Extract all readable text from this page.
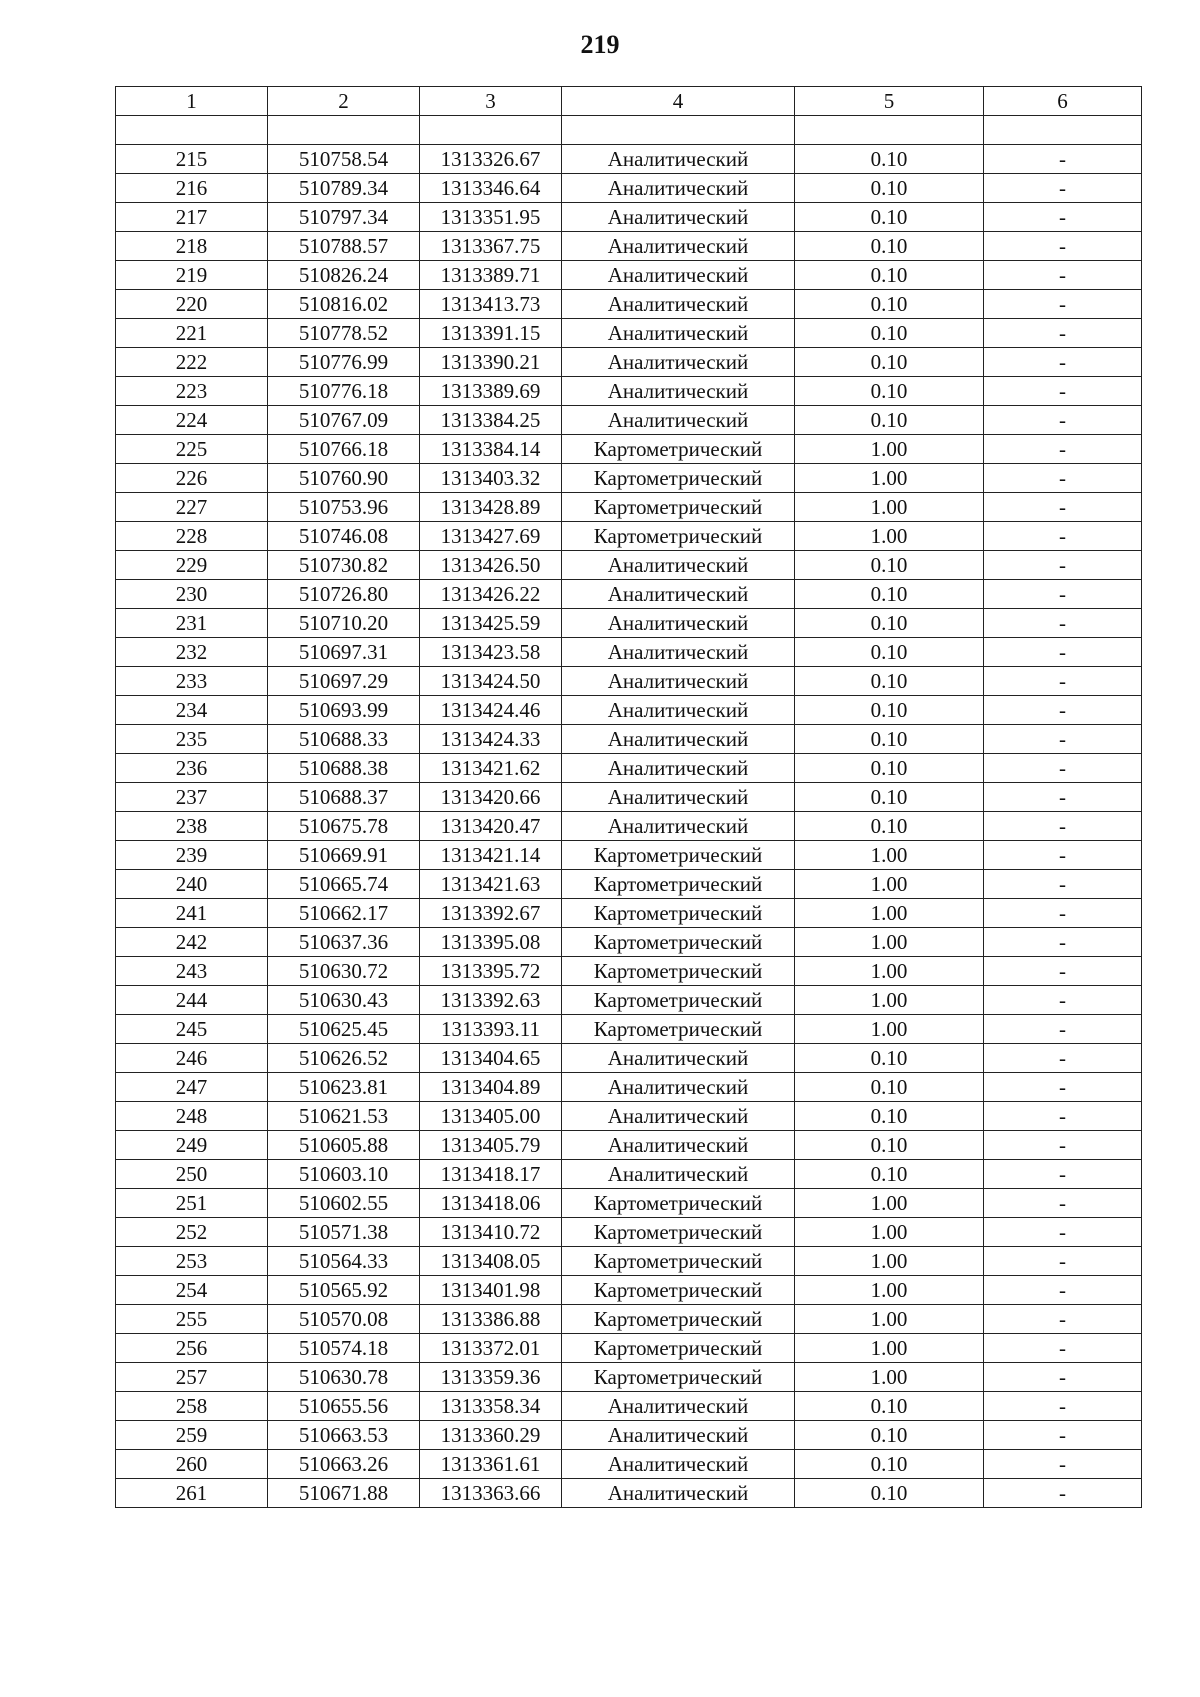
219
1	2	3	4	5	6

215	510758.54	1313326.67	Аналитический	0.10	-
216	510789.34	1313346.64	Аналитический	0.10	-
217	510797.34	1313351.95	Аналитический	0.10	-
218	510788.57	1313367.75	Аналитический	0.10	-
219	510826.24	1313389.71	Аналитический	0.10	-
220	510816.02	1313413.73	Аналитический	0.10	-
221	510778.52	1313391.15	Аналитический	0.10	-
222	510776.99	1313390.21	Аналитический	0.10	-
223	510776.18	1313389.69	Аналитический	0.10	-
224	510767.09	1313384.25	Аналитический	0.10	-
225	510766.18	1313384.14	Картометрический	1.00	-
226	510760.90	1313403.32	Картометрический	1.00	-
227	510753.96	1313428.89	Картометрический	1.00	-
228	510746.08	1313427.69	Картометрический	1.00	-
229	510730.82	1313426.50	Аналитический	0.10	-
230	510726.80	1313426.22	Аналитический	0.10	-
231	510710.20	1313425.59	Аналитический	0.10	-
232	510697.31	1313423.58	Аналитический	0.10	-
233	510697.29	1313424.50	Аналитический	0.10	-
234	510693.99	1313424.46	Аналитический	0.10	-
235	510688.33	1313424.33	Аналитический	0.10	-
236	510688.38	1313421.62	Аналитический	0.10	-
237	510688.37	1313420.66	Аналитический	0.10	-
238	510675.78	1313420.47	Аналитический	0.10	-
239	510669.91	1313421.14	Картометрический	1.00	-
240	510665.74	1313421.63	Картометрический	1.00	-
241	510662.17	1313392.67	Картометрический	1.00	-
242	510637.36	1313395.08	Картометрический	1.00	-
243	510630.72	1313395.72	Картометрический	1.00	-
244	510630.43	1313392.63	Картометрический	1.00	-
245	510625.45	1313393.11	Картометрический	1.00	-
246	510626.52	1313404.65	Аналитический	0.10	-
247	510623.81	1313404.89	Аналитический	0.10	-
248	510621.53	1313405.00	Аналитический	0.10	-
249	510605.88	1313405.79	Аналитический	0.10	-
250	510603.10	1313418.17	Аналитический	0.10	-
251	510602.55	1313418.06	Картометрический	1.00	-
252	510571.38	1313410.72	Картометрический	1.00	-
253	510564.33	1313408.05	Картометрический	1.00	-
254	510565.92	1313401.98	Картометрический	1.00	-
255	510570.08	1313386.88	Картометрический	1.00	-
256	510574.18	1313372.01	Картометрический	1.00	-
257	510630.78	1313359.36	Картометрический	1.00	-
258	510655.56	1313358.34	Аналитический	0.10	-
259	510663.53	1313360.29	Аналитический	0.10	-
260	510663.26	1313361.61	Аналитический	0.10	-
261	510671.88	1313363.66	Аналитический	0.10	-
